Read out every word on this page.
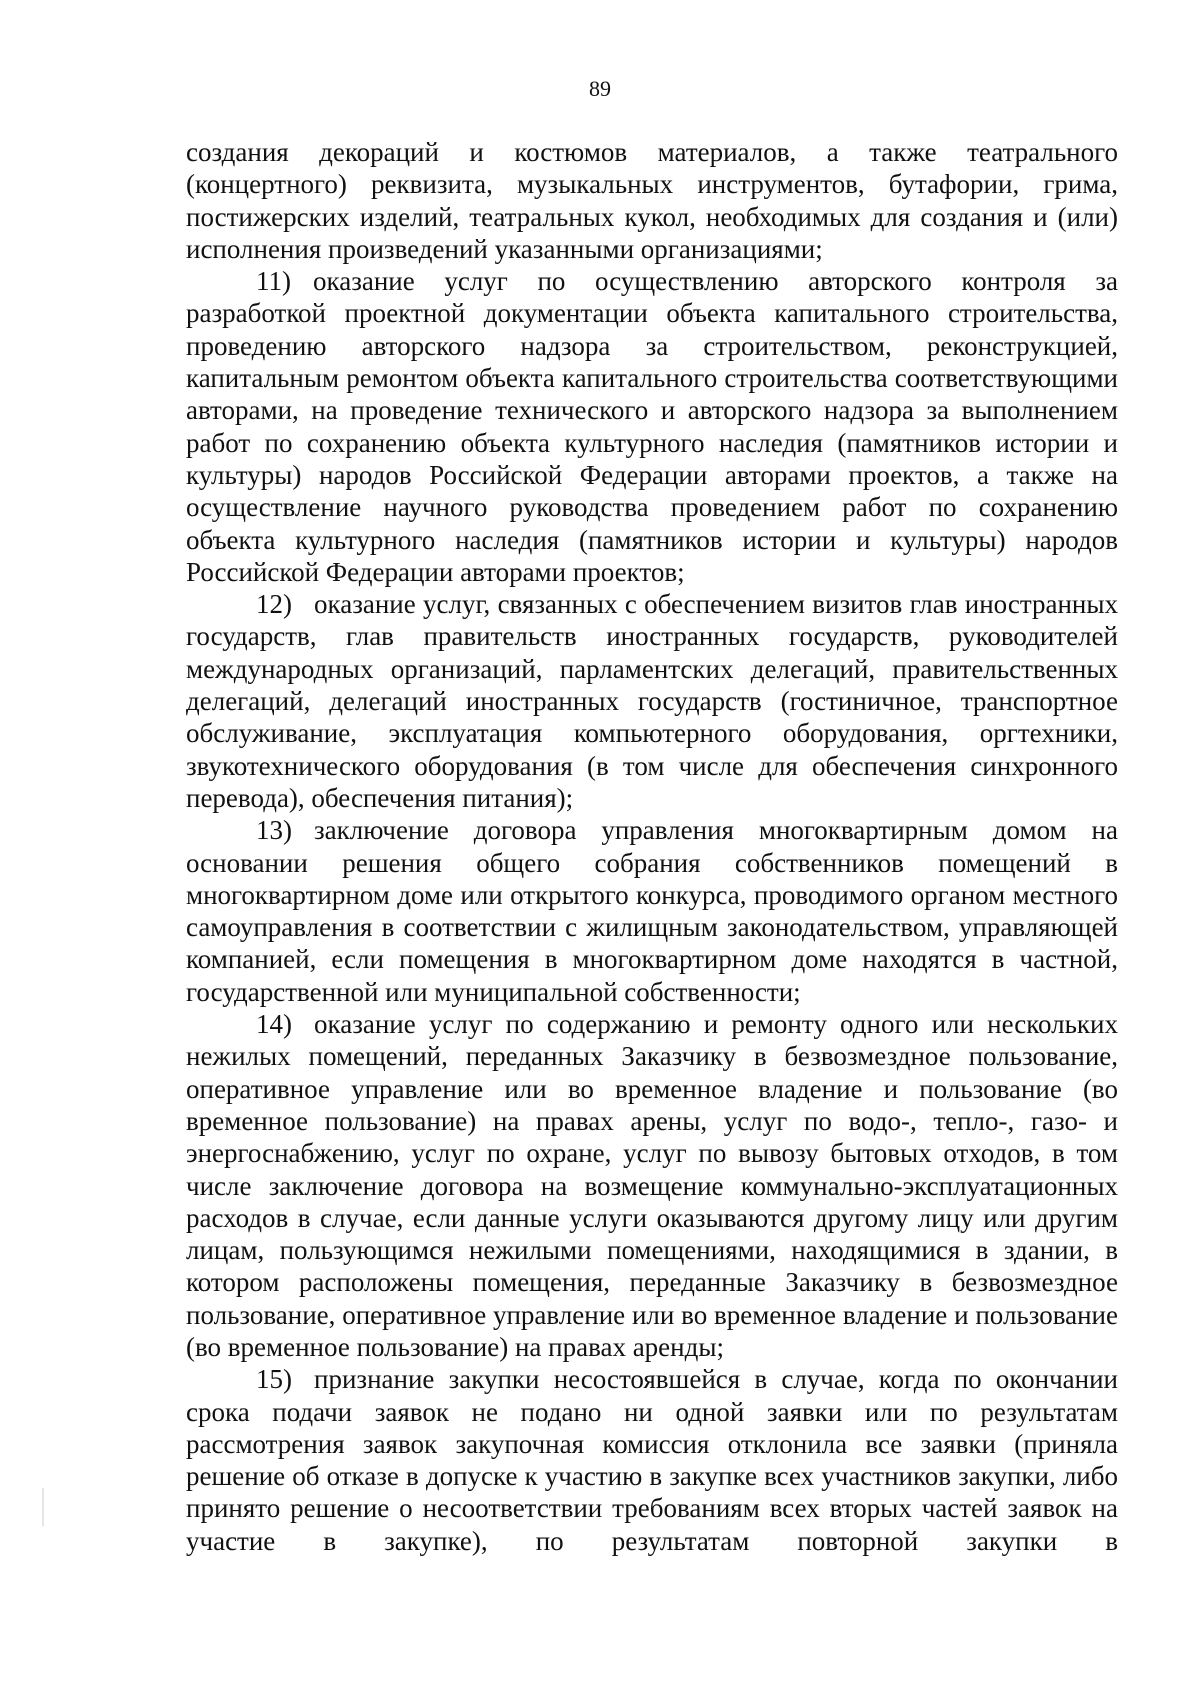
89

создания декораций и костюмов материалов, а также театрального (концертного) реквизита, музыкальных инструментов, бутафории, грима, постижерских изделий, театральных кукол, необходимых для создания и (или) исполнения произведений указанными организациями;

11) оказание услуг по осуществлению авторского контроля за разработкой проектной документации объекта капитального строительства, проведению авторского надзора за строительством, реконструкцией, капитальным ремонтом объекта капитального строительства соответствующими авторами, на проведение технического и авторского надзора за выполнением работ по сохранению объекта культурного наследия (памятников истории и культуры) народов Российской Федерации авторами проектов, а также на осуществление научного руководства проведением работ по сохранению объекта культурного наследия (памятников истории и культуры) народов Российской Федерации авторами проектов;

12) оказание услуг, связанных с обеспечением визитов глав иностранных государств, глав правительств иностранных государств, руководителей международных организаций, парламентских делегаций, правительственных делегаций, делегаций иностранных государств (гостиничное, транспортное обслуживание, эксплуатация компьютерного оборудования, оргтехники, звукотехнического оборудования (в том числе для обеспечения синхронного перевода), обеспечения питания);

13) заключение договора управления многоквартирным домом на основании решения общего собрания собственников помещений в многоквартирном доме или открытого конкурса, проводимого органом местного самоуправления в соответствии с жилищным законодательством, управляющей компанией, если помещения в многоквартирном доме находятся в частной, государственной или муниципальной собственности;

14) оказание услуг по содержанию и ремонту одного или нескольких нежилых помещений, переданных Заказчику в безвозмездное пользование, оперативное управление или во временное владение и пользование (во временное пользование) на правах арены, услуг по водо-, тепло-, газо- и энергоснабжению, услуг по охране, услуг по вывозу бытовых отходов, в том числе заключение договора на возмещение коммунально-эксплуатационных расходов в случае, если данные услуги оказываются другому лицу или другим лицам, пользующимся нежилыми помещениями, находящимися в здании, в котором расположены помещения, переданные Заказчику в безвозмездное пользование, оперативное управление или во временное владение и пользование (во временное пользование) на правах аренды;

15) признание закупки несостоявшейся в случае, когда по окончании срока подачи заявок не подано ни одной заявки или по результатам рассмотрения заявок закупочная комиссия отклонила все заявки (приняла решение об отказе в допуске к участию в закупке всех участников закупки, либо принято решение о несоответствии требованиям всех вторых частей заявок на участие в закупке), по результатам повторной закупки в
